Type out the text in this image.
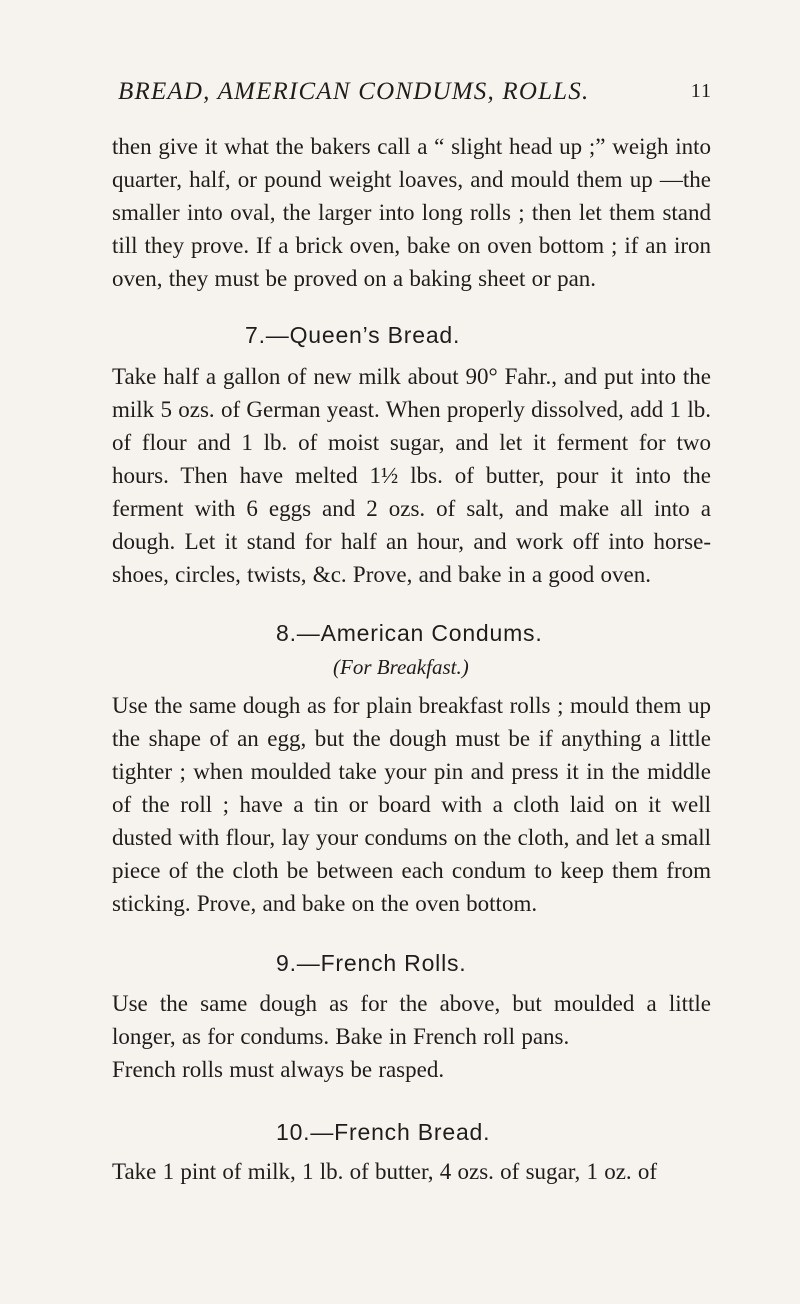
BREAD, AMERICAN CONDUMS, ROLLS.	11

then give it what the bakers call a “ slight head up ;” weigh into quarter, half, or pound weight loaves, and mould them up —the smaller into oval, the larger into long rolls ; then let them stand till they prove. If a brick oven, bake on oven bottom ; if an iron oven, they must be proved on a baking sheet or pan.

7.—Queen’s Bread.

Take half a gallon of new milk about 90° Fahr., and put into the milk 5 ozs. of German yeast. When properly dissolved, add 1 lb. of flour and 1 lb. of moist sugar, and let it ferment for two hours. Then have melted 1½ lbs. of butter, pour it into the ferment with 6 eggs and 2 ozs. of salt, and make all into a dough. Let it stand for half an hour, and work off into horse-shoes, circles, twists, &c. Prove, and bake in a good oven.

8.—American Condums.
(For Breakfast.)

Use the same dough as for plain breakfast rolls ; mould them up the shape of an egg, but the dough must be if anything a little tighter ; when moulded take your pin and press it in the middle of the roll ; have a tin or board with a cloth laid on it well dusted with flour, lay your condums on the cloth, and let a small piece of the cloth be between each condum to keep them from sticking. Prove, and bake on the oven bottom.

9.—French Rolls.

Use the same dough as for the above, but moulded a little longer, as for condums. Bake in French roll pans.

French rolls must always be rasped.

10.—French Bread.

Take 1 pint of milk, 1 lb. of butter, 4 ozs. of sugar, 1 oz. of
